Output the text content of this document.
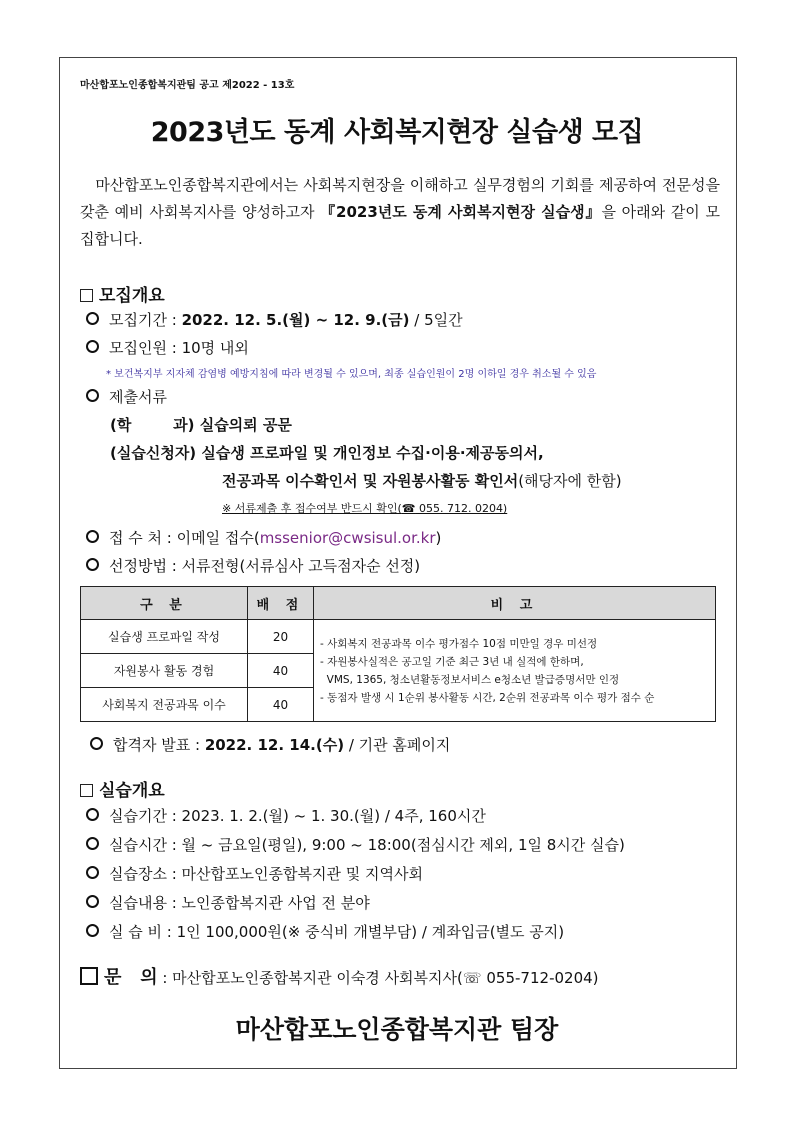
마산합포노인종합복지관팀 공고 제2022 - 13호
2023년도 동계 사회복지현장 실습생 모집
마산합포노인종합복지관에서는 사회복지현장을 이해하고 실무경험의 기회를 제공하여 전문성을 갖춘 예비 사회복지사를 양성하고자 『2023년도 동계 사회복지현장 실습생』을 아래와 같이 모집합니다.
모집개요
모집기간 : 2022. 12. 5.(월) ~ 12. 9.(금) / 5일간
모집인원 : 10명 내외
* 보건복지부 지자체 감염병 예방지침에 따라 변경될 수 있으며, 최종 실습인원이 2명 이하일 경우 취소될 수 있음
제출서류
(학        과) 실습의뢰 공문
(실습신청자) 실습생 프로파일 및 개인정보 수집·이용·제공동의서,
전공과목 이수확인서 및 자원봉사활동 확인서(해당자에 한함)
※ 서류제출 후 접수여부 반드시 확인(☎ 055. 712. 0204)
접 수 처 : 이메일 접수(mssenior@cwsisul.or.kr)
선정방법 : 서류전형(서류심사 고득점자순 선정)
구 분	배 점	비 고
실습생 프로파일 작성	20	- 사회복지 전공과목 이수 평가점수 10점 미만일 경우 미선정
- 자원봉사실적은 공고일 기준 최근 3년 내 실적에 한하며,
VMS, 1365, 청소년활동정보서비스 e청소년 발급증명서만 인정
- 동점자 발생 시 1순위 봉사활동 시간, 2순위 전공과목 이수 평가 점수 순

자원봉사 활동 경험	40	
사회복지 전공과목 이수	40	
합격자 발표 : 2022. 12. 14.(수) / 기관 홈페이지
실습개요
실습기간 : 2023. 1. 2.(월) ~ 1. 30.(월) / 4주, 160시간
실습시간 : 월 ~ 금요일(평일), 9:00 ~ 18:00(점심시간 제외, 1일 8시간 실습)
실습장소 : 마산합포노인종합복지관 및 지역사회
실습내용 : 노인종합복지관 사업 전 분야
실 습 비 : 1인 100,000원(※ 중식비 개별부담) / 계좌입금(별도 공지)
문   의 : 마산합포노인종합복지관 이숙경 사회복지사(☏ 055-712-0204)
마산합포노인종합복지관 팀장
